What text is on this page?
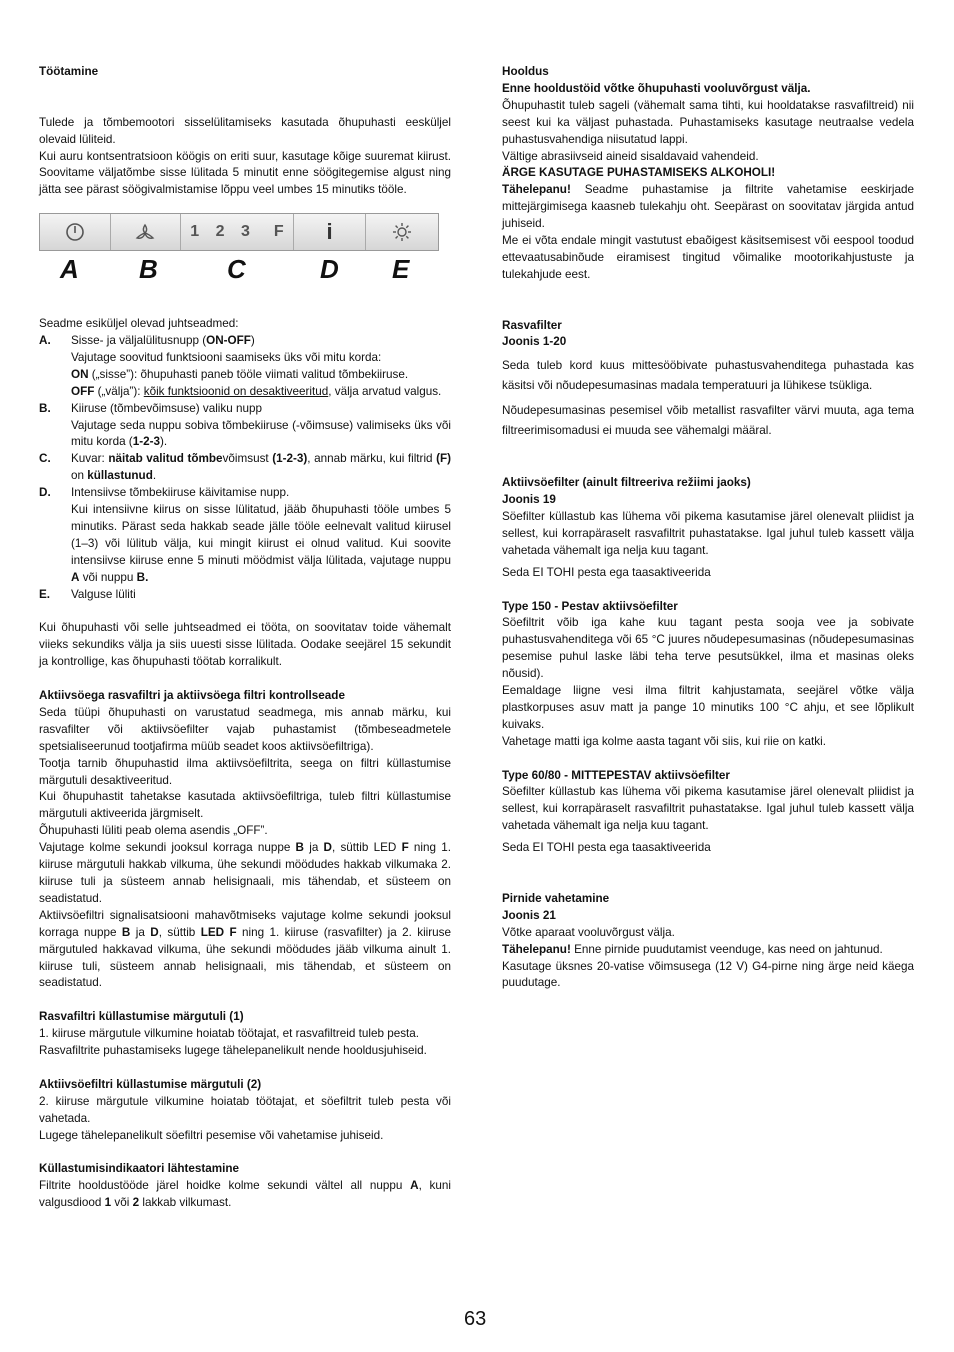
Töötamine

Tulede ja tõmbemootori sisselülitamiseks kasutada õhupuhasti eesküljel olevaid lüliteid.

Kui auru kontsentratsioon köögis on eriti suur, kasutage kõige suuremat kiirust. Soovitame väljatõmbe sisse lülitada 5 minutit enne söögitegemise algust ning jätta see pärast söögivalmistamise lõppu veel umbes 15 minutiks tööle.

1 2 3 F i
A B	C	D E

Seadme esiküljel olevad juhtseadmed:

A.	Sisse- ja väljalülitusnupp (ON-OFF)

Vajutage soovitud funktsiooni saamiseks üks või mitu korda:

ON („sisse”): õhupuhasti paneb tööle viimati valitud tõmbekiiruse.

OFF („välja”): kõik funktsioonid on desaktiveeritud, välja arvatud valgus.

B.	Kiiruse (tõmbevõimsuse) valiku nupp

Vajutage seda nuppu sobiva tõmbekiiruse (-võimsuse) valimiseks üks või mitu korda (1-2-3).

C.	Kuvar: näitab valitud tõmbevõimsust (1-2-3), annab märku, kui filtrid (F) on küllastunud.

D.	Intensiivse tõmbekiiruse käivitamise nupp.

Kui intensiivne kiirus on sisse lülitatud, jääb õhupuhasti tööle umbes 5 minutiks. Pärast seda hakkab seade jälle tööle eelnevalt valitud kiirusel (1–3) või lülitub välja, kui mingit kiirust ei olnud valitud. Kui soovite intensiivse kiiruse enne 5 minuti möödmist välja lülitada, vajutage nuppu A või nuppu B.

E.	Valguse lüliti

Kui õhupuhasti või selle juhtseadmed ei tööta, on soovitatav toide vähemalt viieks sekundiks välja ja siis uuesti sisse lülitada. Oodake seejärel 15 sekundit ja kontrollige, kas õhupuhasti töötab korralikult.

Aktiivsöega rasvafiltri ja aktiivsöega filtri kontrollseade

Seda tüüpi õhupuhasti on varustatud seadmega, mis annab märku, kui rasvafilter või aktiivsöefilter vajab puhastamist (tõmbeseadmetele spetsialiseerunud tootjafirma müüb seadet koos aktiivsöefiltriga).

Tootja tarnib õhupuhastid ilma aktiivsöefiltrita, seega on filtri küllastumise märgutuli desaktiveeritud.

Kui õhupuhastit tahetakse kasutada aktiivsöefiltriga, tuleb filtri küllastumise märgutuli aktiveerida järgmiselt.

Õhupuhasti lüliti peab olema asendis „OFF”.

Vajutage kolme sekundi jooksul korraga nuppe B ja D, süttib LED F ning 1. kiiruse märgutuli hakkab vilkuma, ühe sekundi möödudes hakkab vilkumaka 2. kiiruse tuli ja süsteem annab helisignaali, mis tähendab, et süsteem on seadistatud.

Aktiivsöefiltri signalisatsiooni mahavõtmiseks vajutage kolme sekundi jooksul korraga nuppe B ja D, süttib LED F ning 1. kiiruse (rasvafilter) ja 2. kiiruse märgutuled hakkavad vilkuma, ühe sekundi möödudes jääb vilkuma ainult 1. kiiruse tuli, süsteem annab helisignaali, mis tähendab, et süsteem on seadistatud.

Rasvafiltri küllastumise märgutuli (1)

1. kiiruse märgutule vilkumine hoiatab töötajat, et rasvafiltreid tuleb pesta.

Rasvafiltrite puhastamiseks lugege tähelepanelikult nende hooldusjuhiseid.

Aktiivsöefiltri küllastumise märgutuli (2)

2. kiiruse märgutule vilkumine hoiatab töötajat, et söefiltrit tuleb pesta või vahetada.

Lugege tähelepanelikult söefiltri pesemise või vahetamise juhiseid.

Küllastumisindikaatori lähtestamine

Filtrite hooldustööde järel hoidke kolme sekundi vältel all nuppu A, kuni valgusdiood 1 või 2 lakkab vilkumast.

Hooldus

Enne hooldustöid võtke õhupuhasti vooluvõrgust välja.

Õhupuhastit tuleb sageli (vähemalt sama tihti, kui hooldatakse rasvafiltreid) nii seest kui ka väljast puhastada. Puhastamiseks kasutage neutraalse vedela puhastusvahendiga niisutatud lappi.

Vältige abrasiivseid aineid sisaldavaid vahendeid.

ÄRGE KASUTAGE PUHASTAMISEKS ALKOHOLI!

Tähelepanu! Seadme puhastamise ja filtrite vahetamise eeskirjade mittejärgimisega kaasneb tulekahju oht. Seepärast on soovitatav järgida antud juhiseid.

Me ei võta endale mingit vastutust ebaõigest käsitsemisest või eespool toodud ettevaatusabinõude eiramisest tingitud võimalike mootorikahjustuste ja tulekahjude eest.

Rasvafilter

Joonis 1-20

Seda tuleb kord kuus mittesööbivate puhastusvahenditega puhastada kas käsitsi või nõudepesumasinas madala temperatuuri ja lühikese tsükliga.

Nõudepesumasinas pesemisel võib metallist rasvafilter värvi muuta, aga tema filtreerimisomadusi ei muuda see vähemalgi määral.

Aktiivsöefilter (ainult filtreeriva režiimi jaoks)

Joonis 19

Söefilter küllastub kas lühema või pikema kasutamise järel olenevalt pliidist ja sellest, kui korrapäraselt rasvafiltrit puhastatakse. Igal juhul tuleb kassett välja vahetada vähemalt iga nelja kuu tagant.

Seda EI TOHI pesta ega taasaktiveerida

Type 150 - Pestav aktiivsöefilter

Söefiltrit võib iga kahe kuu tagant pesta sooja vee ja sobivate puhastusvahenditega või 65 °C juures nõudepesumasinas (nõudepesumasinas pesemise puhul laske läbi teha terve pesutsükkel, ilma et masinas oleks nõusid).

Eemaldage liigne vesi ilma filtrit kahjustamata, seejärel võtke välja plastkorpuses asuv matt ja pange 10 minutiks 100 °C ahju, et see lõplikult kuivaks.

Vahetage matti iga kolme aasta tagant või siis, kui riie on katki.

Type 60/80 - MITTEPESTAV aktiivsöefilter

Söefilter küllastub kas lühema või pikema kasutamise järel olenevalt pliidist ja sellest, kui korrapäraselt rasvafiltrit puhastatakse. Igal juhul tuleb kassett välja vahetada vähemalt iga nelja kuu tagant.

Seda EI TOHI pesta ega taasaktiveerida

Pirnide vahetamine

Joonis 21

Võtke aparaat vooluvõrgust välja.

Tähelepanu! Enne pirnide puudutamist veenduge, kas need on jahtunud.

Kasutage üksnes 20-vatise võimsusega (12 V) G4-pirne ning ärge neid käega puudutage.

63
